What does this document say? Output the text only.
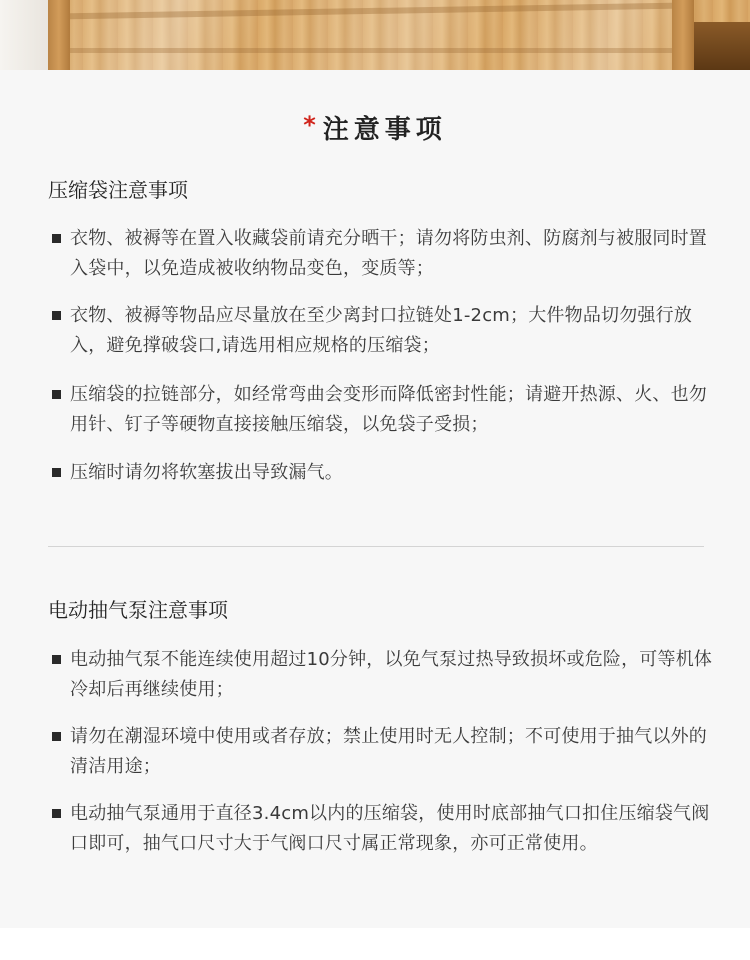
*注意事项
压缩袋注意事项
衣物、被褥等在置入收藏袋前请充分晒干；请勿将防虫剂、防腐剂与被服同时置入袋中，以免造成被收纳物品变色，变质等；
衣物、被褥等物品应尽量放在至少离封口拉链处1-2cm；大件物品切勿强行放入，避免撑破袋口,请选用相应规格的压缩袋；
压缩袋的拉链部分，如经常弯曲会变形而降低密封性能；请避开热源、火、也勿用针、钉子等硬物直接接触压缩袋，以免袋子受损；
压缩时请勿将软塞拔出导致漏气。
电动抽气泵注意事项
电动抽气泵不能连续使用超过10分钟，以免气泵过热导致损坏或危险，可等机体冷却后再继续使用；
请勿在潮湿环境中使用或者存放；禁止使用时无人控制；不可使用于抽气以外的清洁用途；
电动抽气泵通用于直径3.4cm以内的压缩袋，使用时底部抽气口扣住压缩袋气阀口即可，抽气口尺寸大于气阀口尺寸属正常现象，亦可正常使用。
